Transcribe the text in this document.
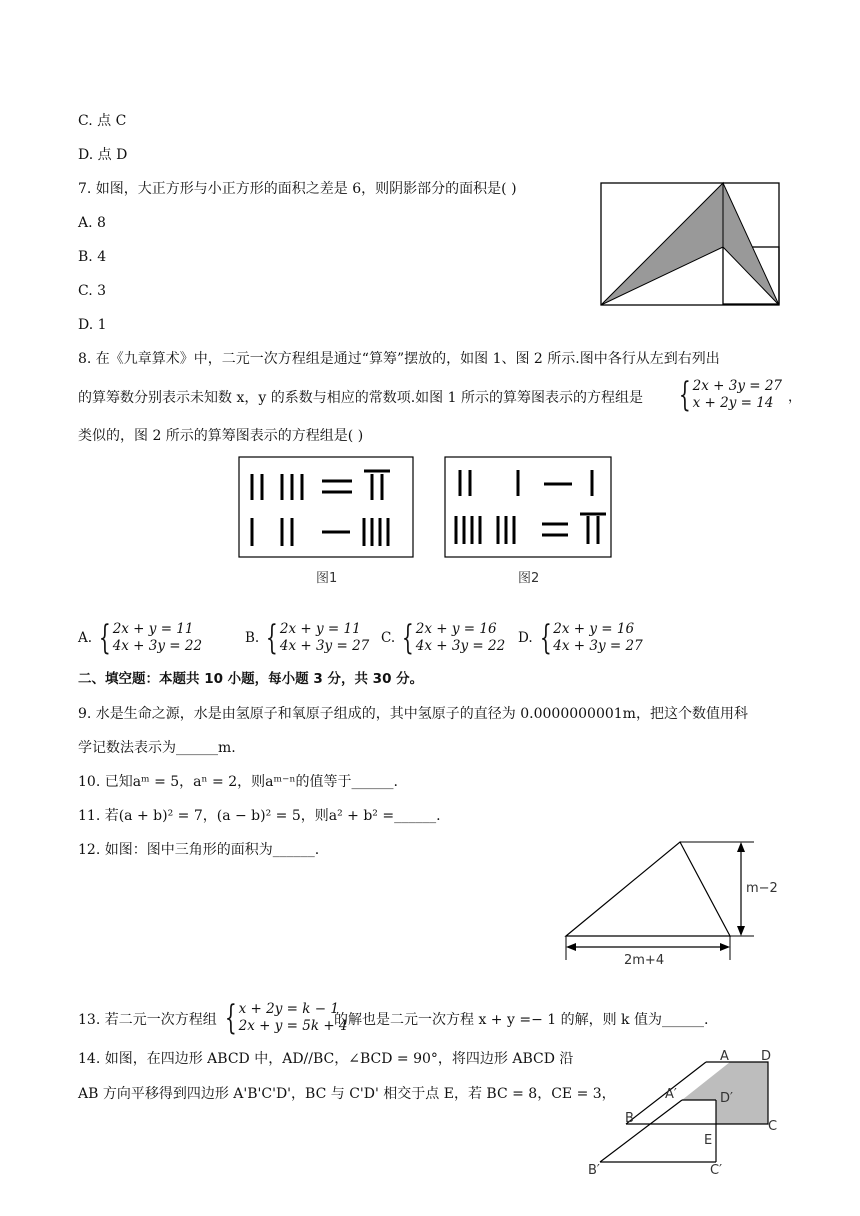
C. 点 C
D. 点 D
7. 如图，大正方形与小正方形的面积之差是 6，则阴影部分的面积是( )
A. 8
B. 4
C. 3
D. 1
8. 在《九章算术》中，二元一次方程组是通过“算筹”摆放的，如图 1、图 2 所示.图中各行从左到右列出
的算筹数分别表示未知数 x，y 的系数与相应的常数项.如图 1 所示的算筹图表示的方程组是 { 2x + 3y = 27
x + 2y = 14	，
类似的，图 2 所示的算筹图表示的方程组是( )
图1	图2
A. { 2x + y = 11
4x + 3y = 22	B. { 2x + y = 11
4x + 3y = 27 C. { 2x + y = 16
4x + 3y = 22 D. { 2x + y = 16
4x + 3y = 27
二、填空题：本题共 10 小题，每小题 3 分，共 30 分。
9. 水是生命之源，水是由氢原子和氧原子组成的，其中氢原子的直径为 0.0000000001m，把这个数值用科
学记数法表示为______m.
10. 已知aᵐ = 5，aⁿ = 2，则aᵐ⁻ⁿ的值等于______.
11. 若(a + b)² = 7，(a − b)² = 5，则a² + b² =______.
12. 如图：图中三角形的面积为______.
m−2
2m+4
13. 若二元一次方程组 { x + 2y = k − 1
2x + y = 5k + 4
的解也是二元一次方程 x + y =− 1 的解，则 k 值为______.
14. 如图，在四边形 ABCD 中，AD//BC，∠BCD = 90°，将四边形 ABCD 沿
AB 方向平移得到四边形 A'B'C'D'，BC 与 C'D' 相交于点 E，若 BC = 8，CE = 3，
A D
A′	D′
B
E
C
B′	C′
